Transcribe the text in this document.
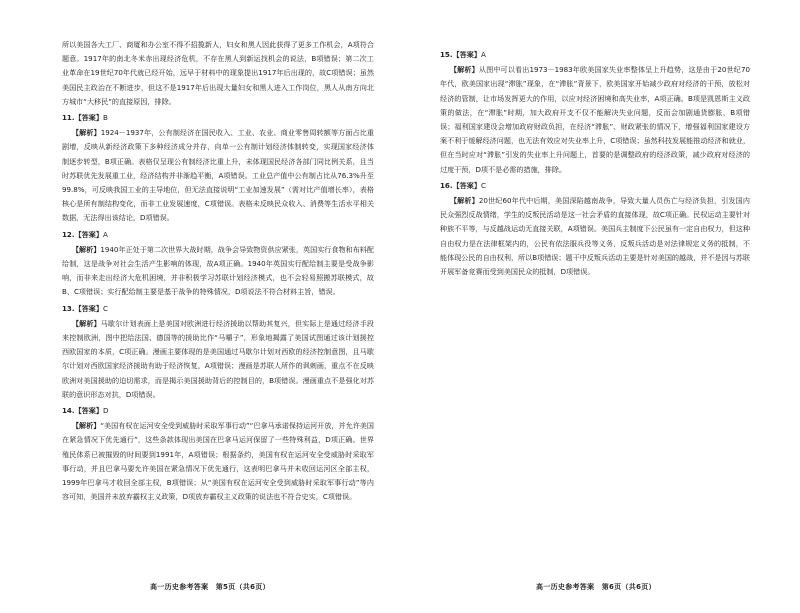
所以美国各大工厂、商厦和办公室不得不招揽新人，妇女和黑人因此获得了更多工作机会，A项符合题意。1917年的南北冬米赤出现经济危机，不存在黑人到新运找机会的说法，B项错误；第二次工业革命在19世纪70年代就已经开始，远早于材料中的现象提出1917年后出现的，故C项错误；虽然美国民主政治在不断进步，但这不是1917年后出现大量妇女和黑人进入工作岗位，黑人从南方向北方城市“大移民”的直接原因，排除。

11.【答案】B

【解析】1924－1937年，公有制经济在国民收入、工业、农业、商业零售周转额等方面占比重剧增，反映从新经济政策下多种经济成分并存，向单一公有制计划经济体制转变，实现国家经济体制逐步转型，B项正确。表格仅呈现公有制经济比重上升，未体现国民经济各部门同比例关系，且当时苏联优先发展重工业，经济结构并非渐趋平衡，A项错误。工业总产值中公有制占比从76.3%升至99.8%，可反映我国工业的主导地位，但无法直接说明“工业加速发展”（需对比产值增长率），表格核心是所有制结构变化，而非工业发展速度，C项错误。表格未反映民众收入、消费等生活水平相关数据，无法得出该结论，D项错误。

12.【答案】A

【解析】1940年正处于第二次世界大战时期，战争会导致物资供应紧张，英国实行食物和布料配给制，这是战争对社会生活产生影响的体现，故A项正确。1940年英国实行配给制主要是受战争影响，而非来走出经济大危机困境，并非积极学习苏联计划经济模式，也不会轻易照搬苏联模式，故B、C项错误；实行配给制主要是基于战争的特殊情况，D项说法不符合材料主旨，错误。

13.【答案】C

【解析】马歇尔计划表面上是美国对欧洲进行经济援助以帮助其复兴，但实际上是通过经济手段来控制欧洲，图中把给法国、德国等的援助比作“马嚼子”，形象地揭露了美国试图通过该计划援控西欧国家的本质，C项正确。漫画主要体现的是美国通过马歇尔计划对西欧的经济控制意图，且马歇尔计划对西欧国家经济援助有助于经济恢复，A项错误；漫画是苏联人所作的讽刺画，重点不在反映欧洲对美国援助的迫切需求，而是揭示美国援助背后的控制目的，B项错误。漫画重点不是强化对苏联的意识形态对抗，D项错误。

14.【答案】D

【解析】“美国有权在运河安全受到威胁时采取军事行动”“巴拿马承诺保持运河开放，并允许美国在紧急情况下优先通行”，这些条款体现出美国在巴拿马运河保留了一些特殊利益，D项正确。世界殖民体系已被摧毁的时间要到1991年，A项错误；根据条约，美国有权在运河安全受威胁时采取军事行动，并且巴拿马要允许美国在紧急情况下优先通行，这表明巴拿马并未收回运河区全部主权，1999年巴拿马才收回全部主权，B项错误；从“美国有权在运河安全受到威胁时采取军事行动”等内容可知，美国并未放弃霸权主义政策，D项放弃霸权主义政策的说法也不符合史实，C项错误。

高一历史参考答案　第5页（共6页）
15.【答案】A

【解析】从图中可以看出1973－1983年欧美国家失业率整体呈上升趋势，这是由于20世纪70年代，欧美国家出现“滞胀”现象，在“滞胀”背景下，欧美国家开始减少政府对经济的干预，放松对经济的管制，让市场发挥更大的作用，以应对经济困境和高失业率，A项正确。B项是凯恩斯主义政策的做法，在“滞胀”时期，加大政府开支不仅不能解决失业问题，反而会加剧通货膨胀，B项错误；福利国家建设会增加政府财政负担，在经济“滞胀”、财政紧张的情况下，增强福利国家建设方案不利于缓解经济问题，也无法有效应对失业率上升，C项错误；虽然科技发展能推动经济和就业，但在当时应对“滞胀”引发的失业率上升问题上，首要的是调整政府的经济政策，减少政府对经济的过度干预，D项不是必需的措施，排除。

16.【答案】C

【解析】20世纪60年代中后期，美国深陷越南战争，导致大量人员伤亡与经济负担，引发国内民众强烈反战情绪，学生的反叛民活动是这一社会矛盾的直接体现，故C项正确。民权运动主要针对种族不平等，与反越战运动无直接关联，A项错误。美国兵主制度下公民虽有一定自由权力，但这种自由权力是在法律框架内的，公民有依法服兵役等义务，反叛兵活动是对法律规定义务的抵制，不能体现公民的自由权利，所以B项错误；题干中反叛兵活动主要是针对美国的越战，并不是因与苏联开展军备竞赛而受到美国民众的抵制，D项错误。

高一历史参考答案　第6页（共6页）
